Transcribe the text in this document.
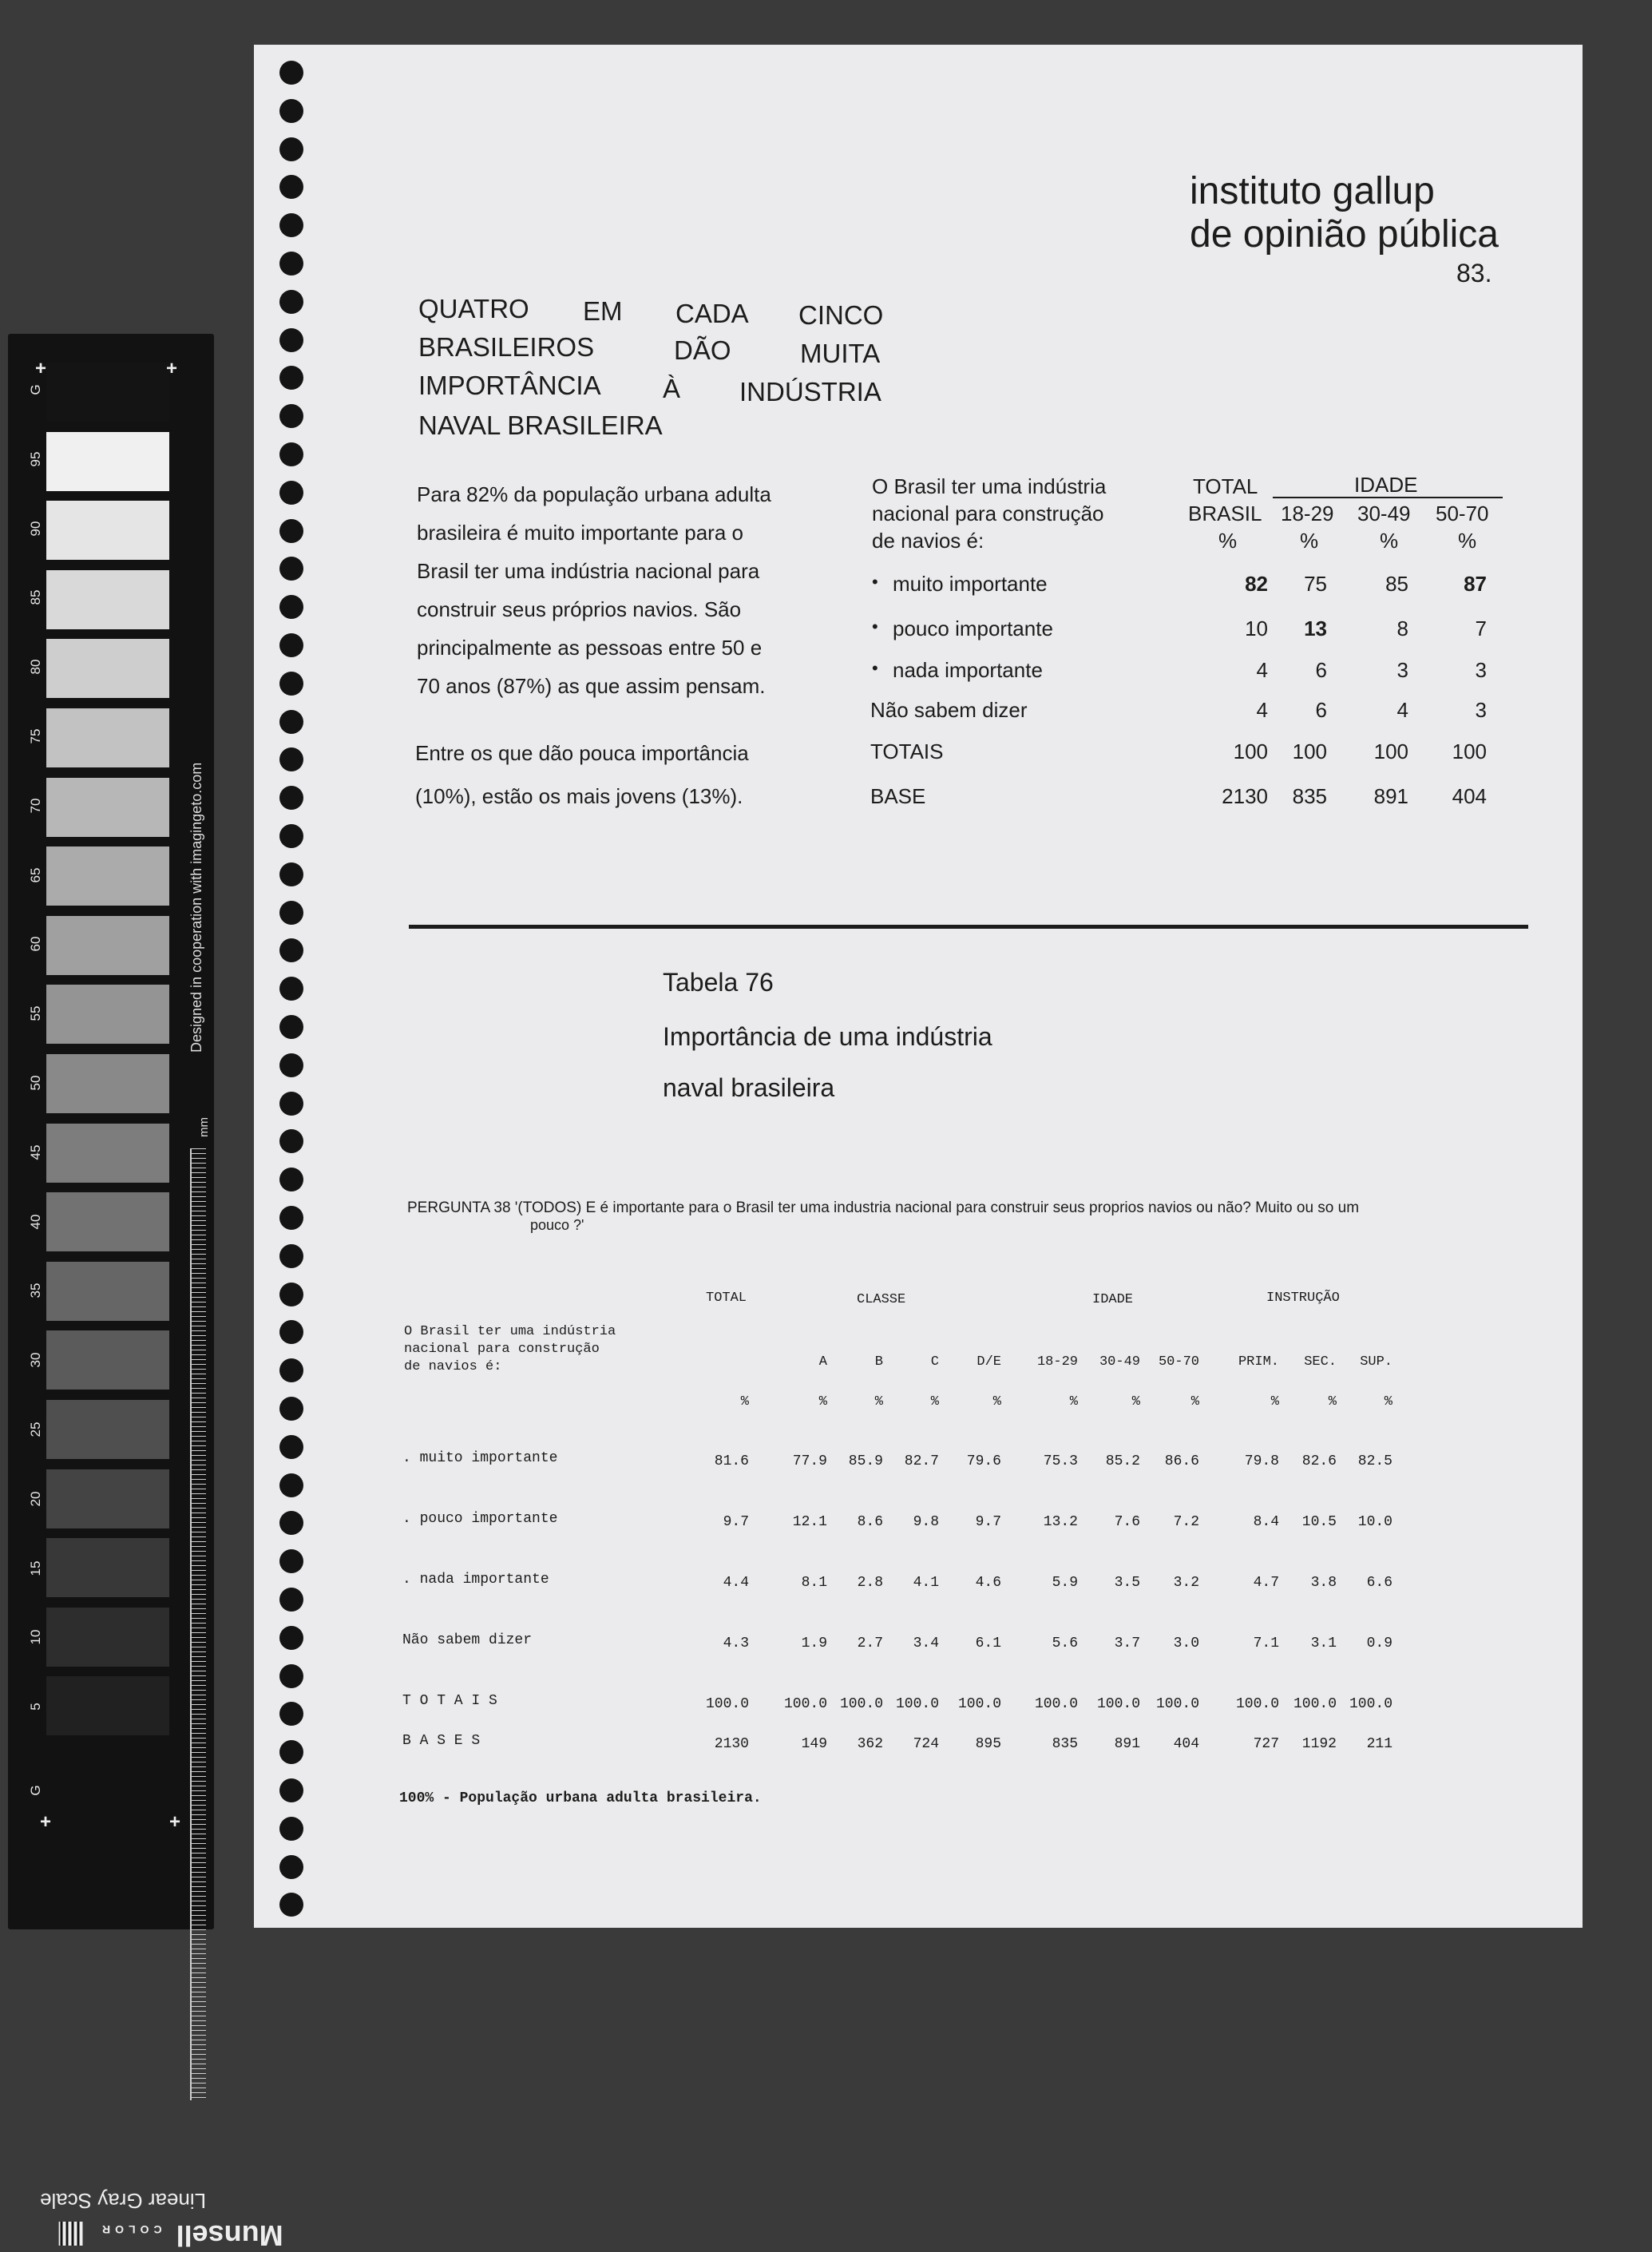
G
95
90
85
80
75
70
65
60
55
50
45
40
35
30
25
20
15
10
5
G
+	+
+	+
Designed in cooperation with imagingeto.com
mm
Linear Gray Scale
Munsell COLOR
instituto gallup
de opinião pública
83.
QUATRO EM CADA CINCO
BRASILEIROS	DÃO	MUITA
IMPORTÂNCIA À INDÚSTRIA
NAVAL BRASILEIRA
Para 82% da população urbana adulta
brasileira é muito importante para o
Brasil ter uma indústria nacional para
construir seus próprios navios. São
principalmente as pessoas entre 50 e
70 anos (87%) as que assim pensam.
Entre os que dão pouca importância
(10%), estão os mais jovens (13%).
O Brasil ter uma indústria
nacional para construção
de navios é:
TOTAL
BRASIL
IDADE
18-29 30-49 50-70
%	%	%	%
• muito importante	82	75	85	87
• pouco importante	10	13	8	7
• nada importante	4	6	3	3
Não sabem dizer	4	6	4	3
TOTAIS	100	100	100	100
BASE	2130	835	891	404
Tabela 76
Importância de uma indústria
naval brasileira
PERGUNTA 38 '(TODOS) E é importante para o Brasil ter uma industria nacional para construir seus proprios navios ou não? Muito ou so um
pouco ?'
TOTAL	CLASSE	IDADE	INSTRUÇÃO
O Brasil ter uma indústria
nacional para construção
de navios é:	A	B	C	D/E	18-29	30-49	50-70	PRIM.	SEC.	SUP.
%	%	%	%	%	%	%	%	%	%	%
. muito importante	81.6	77.9	85.9	82.7	79.6	75.3	85.2	86.6	79.8	82.6	82.5
. pouco importante	9.7	12.1	8.6	9.8	9.7	13.2	7.6	7.2	8.4	10.5	10.0
. nada importante	4.4	8.1	2.8	4.1	4.6	5.9	3.5	3.2	4.7	3.8	6.6
Não sabem dizer	4.3	1.9	2.7	3.4	6.1	5.6	3.7	3.0	7.1	3.1	0.9
T O T A I S	100.0	100.0 100.0 100.0	100.0	100.0	100.0	100.0	100.0 100.0 100.0
B A S E S	2130	149	362	724	895	835	891	404	727	1192	211
100% - População urbana adulta brasileira.
